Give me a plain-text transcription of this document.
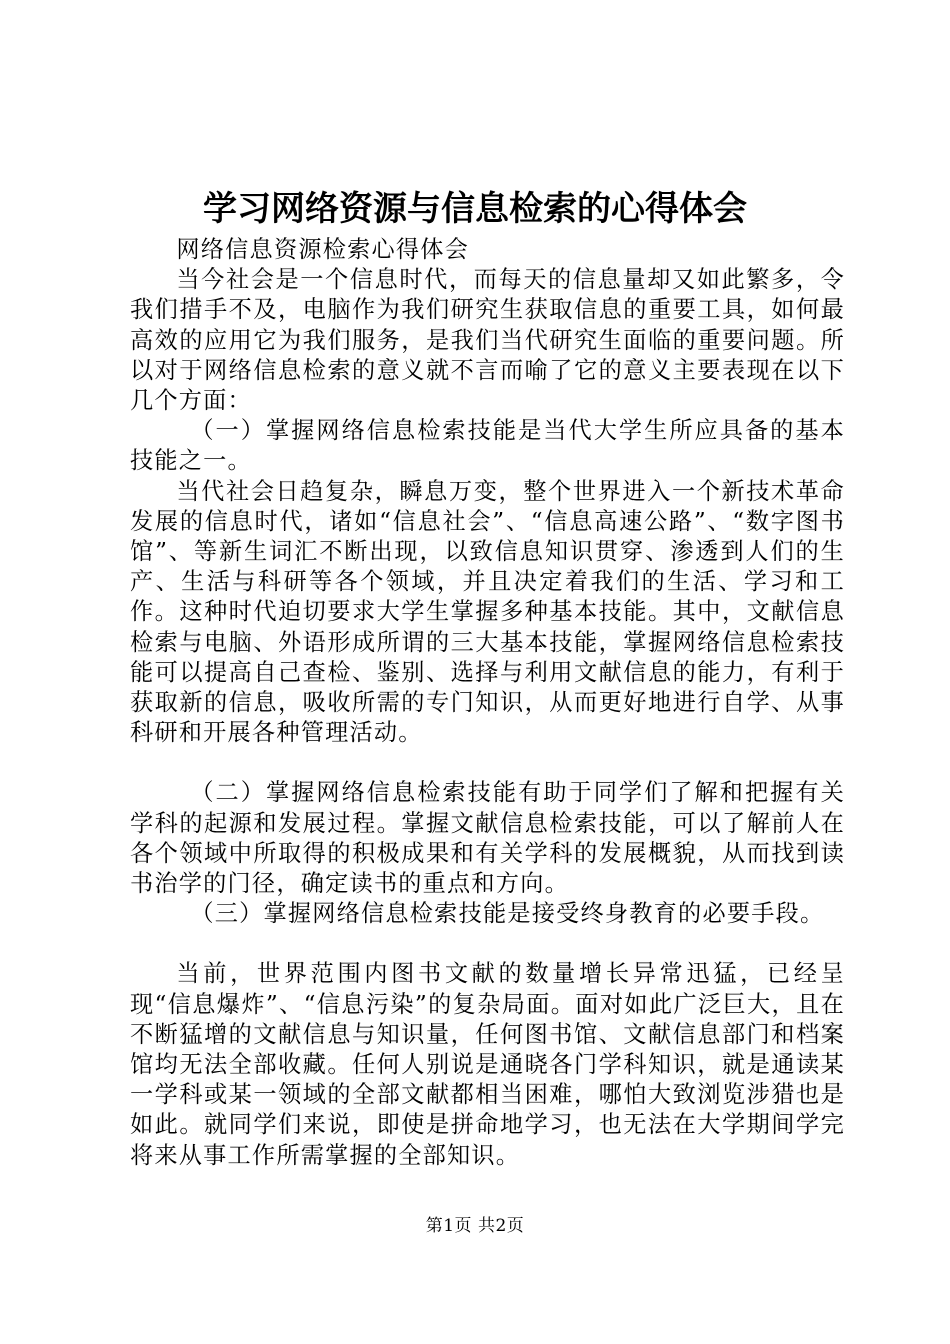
学习网络资源与信息检索的心得体会

网络信息资源检索心得体会

当今社会是一个信息时代，而每天的信息量却又如此繁多，令我们措手不及，电脑作为我们研究生获取信息的重要工具，如何最高效的应用它为我们服务，是我们当代研究生面临的重要问题。所以对于网络信息检索的意义就不言而喻了它的意义主要表现在以下几个方面：

（一）掌握网络信息检索技能是当代大学生所应具备的基本技能之一。

当代社会日趋复杂，瞬息万变，整个世界进入一个新技术革命发展的信息时代，诸如“信息社会”、“信息高速公路”、“数字图书馆”、等新生词汇不断出现，以致信息知识贯穿、渗透到人们的生产、生活与科研等各个领域，并且决定着我们的生活、学习和工作。这种时代迫切要求大学生掌握多种基本技能。其中，文献信息检索与电脑、外语形成所谓的三大基本技能，掌握网络信息检索技能可以提高自己查检、鉴别、选择与利用文献信息的能力，有利于获取新的信息，吸收所需的专门知识，从而更好地进行自学、从事科研和开展各种管理活动。

（二）掌握网络信息检索技能有助于同学们了解和把握有关学科的起源和发展过程。掌握文献信息检索技能，可以了解前人在各个领域中所取得的积极成果和有关学科的发展概貌，从而找到读书治学的门径，确定读书的重点和方向。

（三）掌握网络信息检索技能是接受终身教育的必要手段。

当前，世界范围内图书文献的数量增长异常迅猛，已经呈现“信息爆炸”、“信息污染”的复杂局面。面对如此广泛巨大，且在不断猛增的文献信息与知识量，任何图书馆、文献信息部门和档案馆均无法全部收藏。任何人别说是通晓各门学科知识，就是通读某一学科或某一领域的全部文献都相当困难，哪怕大致浏览涉猎也是如此。就同学们来说，即使是拼命地学习，也无法在大学期间学完将来从事工作所需掌握的全部知识。

第1页 共2页
